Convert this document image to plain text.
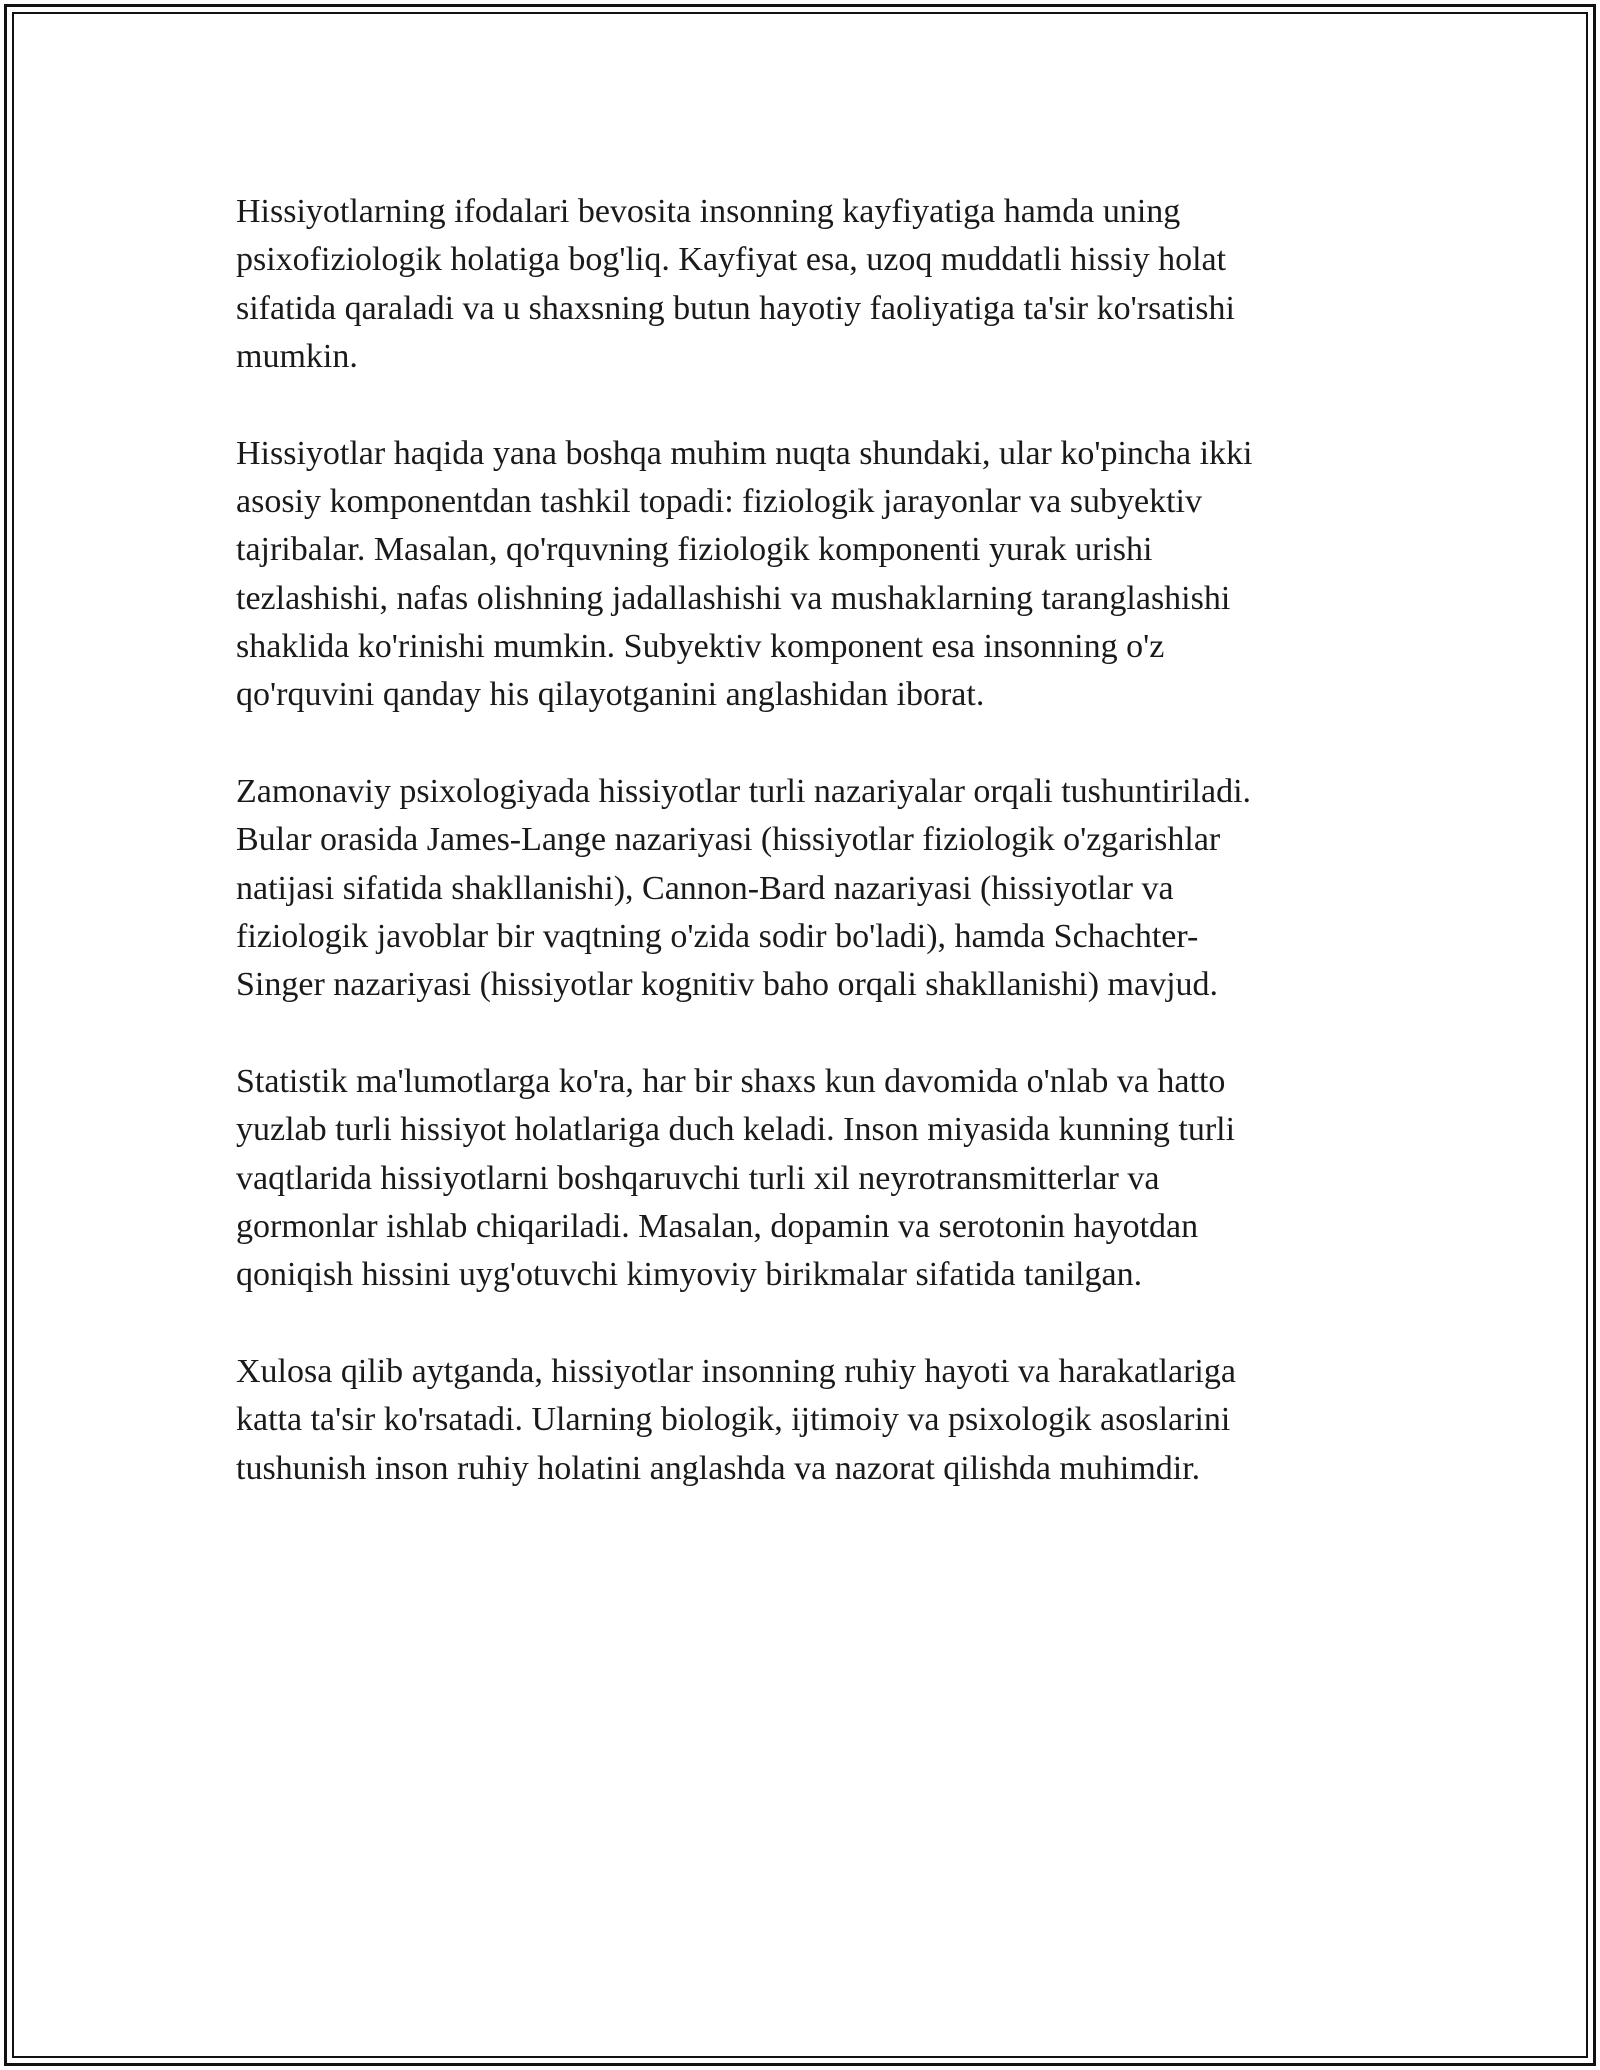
Hissiyotlarning ifodalari bevosita insonning kayfiyatiga hamda uning
psixofiziologik holatiga bog'liq. Kayfiyat esa, uzoq muddatli hissiy holat
sifatida qaraladi va u shaxsning butun hayotiy faoliyatiga ta'sir ko'rsatishi
mumkin.

Hissiyotlar haqida yana boshqa muhim nuqta shundaki, ular ko'pincha ikki
asosiy komponentdan tashkil topadi: fiziologik jarayonlar va subyektiv
tajribalar. Masalan, qo'rquvning fiziologik komponenti yurak urishi
tezlashishi, nafas olishning jadallashishi va mushaklarning taranglashishi
shaklida ko'rinishi mumkin. Subyektiv komponent esa insonning o'z
qo'rquvini qanday his qilayotganini anglashidan iborat.

Zamonaviy psixologiyada hissiyotlar turli nazariyalar orqali tushuntiriladi.
Bular orasida James-Lange nazariyasi (hissiyotlar fiziologik o'zgarishlar
natijasi sifatida shakllanishi), Cannon-Bard nazariyasi (hissiyotlar va
fiziologik javoblar bir vaqtning o'zida sodir bo'ladi), hamda Schachter-
Singer nazariyasi (hissiyotlar kognitiv baho orqali shakllanishi) mavjud.

Statistik ma'lumotlarga ko'ra, har bir shaxs kun davomida o'nlab va hatto
yuzlab turli hissiyot holatlariga duch keladi. Inson miyasida kunning turli
vaqtlarida hissiyotlarni boshqaruvchi turli xil neyrotransmitterlar va
gormonlar ishlab chiqariladi. Masalan, dopamin va serotonin hayotdan
qoniqish hissini uyg'otuvchi kimyoviy birikmalar sifatida tanilgan.

Xulosa qilib aytganda, hissiyotlar insonning ruhiy hayoti va harakatlariga
katta ta'sir ko'rsatadi. Ularning biologik, ijtimoiy va psixologik asoslarini
tushunish inson ruhiy holatini anglashda va nazorat qilishda muhimdir.
